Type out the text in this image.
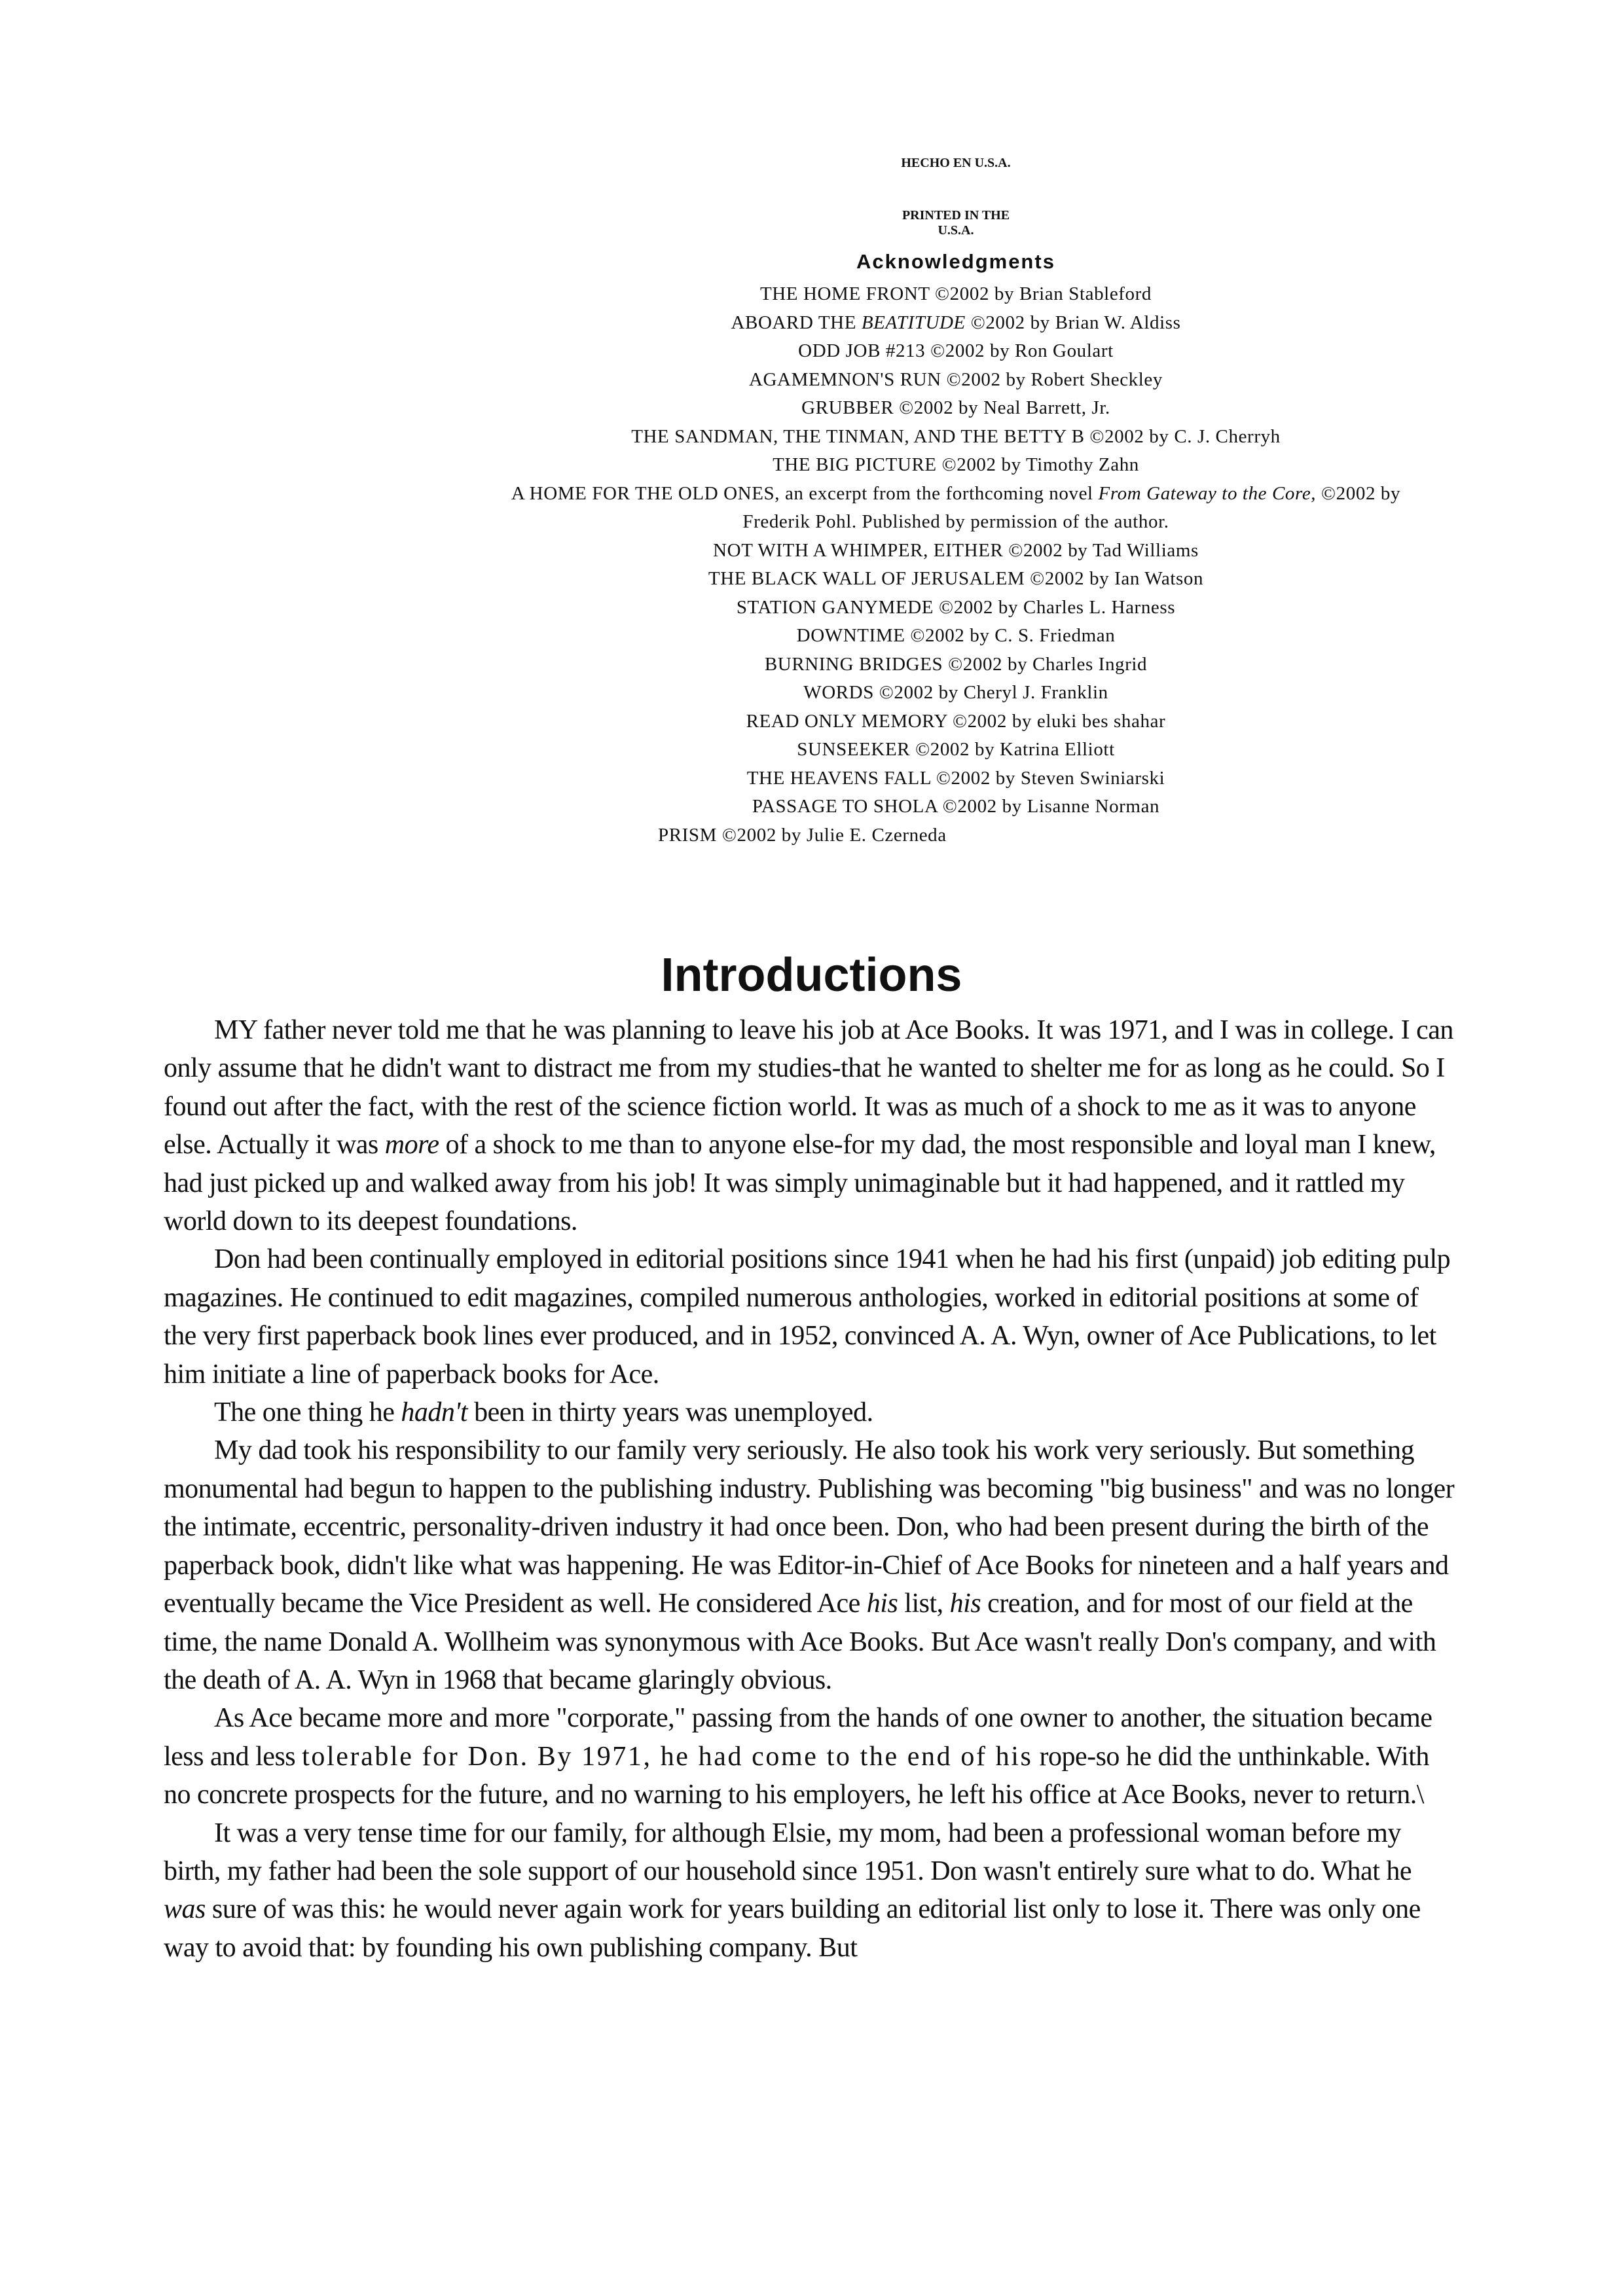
HECHO EN U.S.A.
PRINTED IN THE U.S.A.
Acknowledgments
THE HOME FRONT ©2002 by Brian Stableford
ABOARD THE BEATITUDE ©2002 by Brian W. Aldiss
ODD JOB #213 ©2002 by Ron Goulart
AGAMEMNON'S RUN ©2002 by Robert Sheckley
GRUBBER ©2002 by Neal Barrett, Jr.
THE SANDMAN, THE TINMAN, AND THE BETTY B ©2002 by C. J. Cherryh
THE BIG PICTURE ©2002 by Timothy Zahn
A HOME FOR THE OLD ONES, an excerpt from the forthcoming novel From Gateway to the Core, ©2002 by
Frederik Pohl. Published by permission of the author.
NOT WITH A WHIMPER, EITHER ©2002 by Tad Williams
THE BLACK WALL OF JERUSALEM ©2002 by Ian Watson
STATION GANYMEDE ©2002 by Charles L. Harness
DOWNTIME ©2002 by C. S. Friedman
BURNING BRIDGES ©2002 by Charles Ingrid
WORDS ©2002 by Cheryl J. Franklin
READ ONLY MEMORY ©2002 by eluki bes shahar
SUNSEEKER ©2002 by Katrina Elliott
THE HEAVENS FALL ©2002 by Steven Swiniarski
PASSAGE TO SHOLA ©2002 by Lisanne Norman
PRISM ©2002 by Julie E. Czerneda
Introductions

MY father never told me that he was planning to leave his job at Ace Books. It was 1971, and I was in college. I can only assume that he didn't want to distract me from my studies-that he wanted to shelter me for as long as he could. So I found out after the fact, with the rest of the science fiction world. It was as much of a shock to me as it was to anyone else. Actually it was more of a shock to me than to anyone else-for my dad, the most responsible and loyal man I knew, had just picked up and walked away from his job! It was simply unimaginable but it had happened, and it rattled my world down to its deepest foundations.

Don had been continually employed in editorial positions since 1941 when he had his first (unpaid) job editing pulp magazines. He continued to edit magazines, compiled numerous anthologies, worked in editorial positions at some of the very first paperback book lines ever produced, and in 1952, convinced A. A. Wyn, owner of Ace Publications, to let him initiate a line of paperback books for Ace.

The one thing he hadn't been in thirty years was unemployed.

My dad took his responsibility to our family very seriously. He also took his work very seriously. But something monumental had begun to happen to the publishing industry. Publishing was becoming "big business" and was no longer the intimate, eccentric, personality-driven industry it had once been. Don, who had been present during the birth of the paperback book, didn't like what was happening. He was Editor-in-Chief of Ace Books for nineteen and a half years and eventually became the Vice President as well. He considered Ace his list, his creation, and for most of our field at the time, the name Donald A. Wollheim was synonymous with Ace Books. But Ace wasn't really Don's company, and with the death of A. A. Wyn in 1968 that became glaringly obvious.

As Ace became more and more "corporate," passing from the hands of one owner to another, the situation became less and less tolerable for Don. By 1971, he had come to the end of his rope-so he did the unthinkable. With no concrete prospects for the future, and no warning to his employers, he left his office at Ace Books, never to return.\

It was a very tense time for our family, for although Elsie, my mom, had been a professional woman before my birth, my father had been the sole support of our household since 1951. Don wasn't entirely sure what to do. What he was sure of was this: he would never again work for years building an editorial list only to lose it. There was only one way to avoid that: by founding his own publishing company. But
